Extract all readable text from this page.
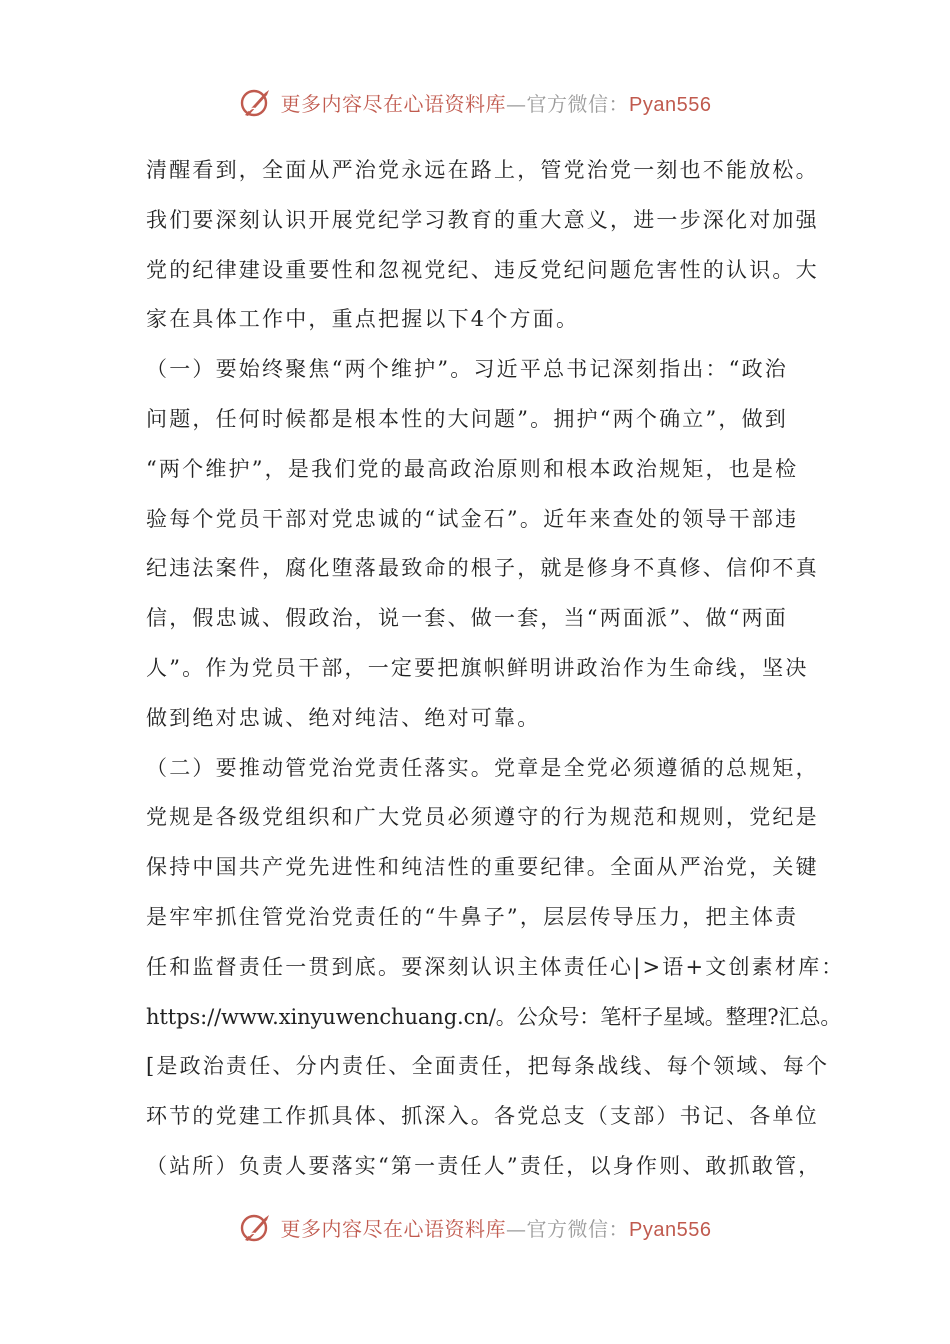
更多内容尽在心语资料库—官方微信：Pyan556
清醒看到，全面从严治党永远在路上，管党治党一刻也不能放松。
我们要深刻认识开展党纪学习教育的重大意义，进一步深化对加强
党的纪律建设重要性和忽视党纪、违反党纪问题危害性的认识。大
家在具体工作中，重点把握以下4个方面。
（一）要始终聚焦“两个维护”。习近平总书记深刻指出：“政治
问题，任何时候都是根本性的大问题”。拥护“两个确立”，做到
“两个维护”，是我们党的最高政治原则和根本政治规矩，也是检
验每个党员干部对党忠诚的“试金石”。近年来查处的领导干部违
纪违法案件，腐化堕落最致命的根子，就是修身不真修、信仰不真
信，假忠诚、假政治，说一套、做一套，当“两面派”、做“两面
人”。作为党员干部，一定要把旗帜鲜明讲政治作为生命线，坚决
做到绝对忠诚、绝对纯洁、绝对可靠。
（二）要推动管党治党责任落实。党章是全党必须遵循的总规矩，
党规是各级党组织和广大党员必须遵守的行为规范和规则，党纪是
保持中国共产党先进性和纯洁性的重要纪律。全面从严治党，关键
是牢牢抓住管党治党责任的“牛鼻子”，层层传导压力，把主体责
任和监督责任一贯到底。要深刻认识主体责任心|>语+文创素材库：
https://www.xinyuwenchuang.cn/。公众号：笔杆子星域。整理?汇总。
[是政治责任、分内责任、全面责任，把每条战线、每个领域、每个
环节的党建工作抓具体、抓深入。各党总支（支部）书记、各单位
（站所）负责人要落实“第一责任人”责任，以身作则、敢抓敢管，
更多内容尽在心语资料库—官方微信：Pyan556
